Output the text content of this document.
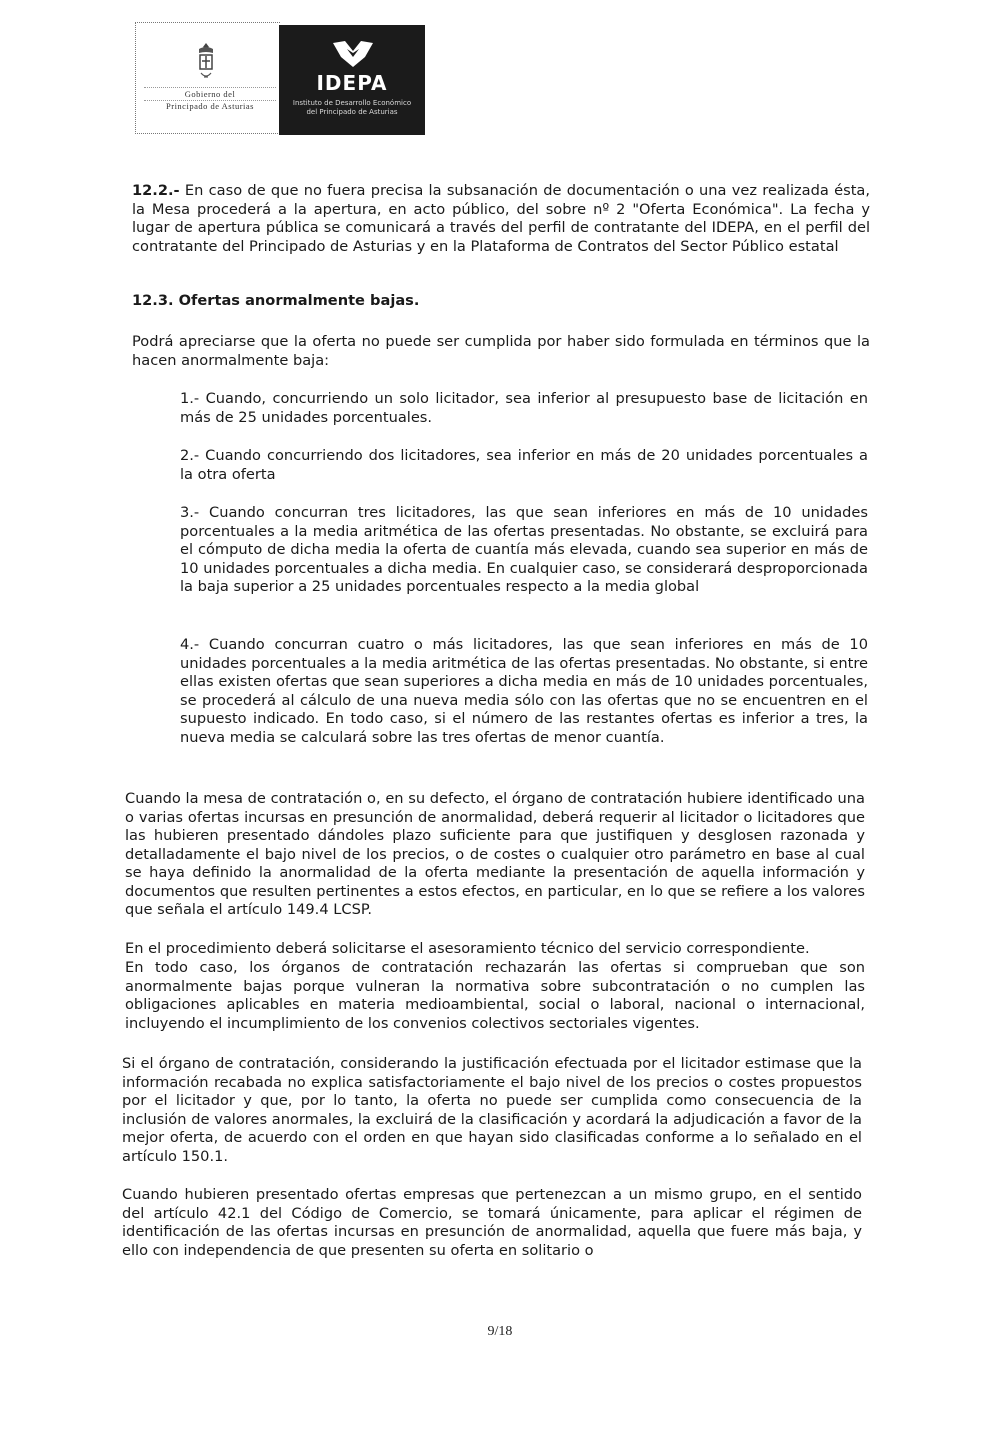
Gobierno del
Principado de Asturias
IDEPA
Instituto de Desarrollo Económico
del Principado de Asturias

12.2.- En caso de que no fuera precisa la subsanación de documentación o una vez realizada ésta, la Mesa procederá a la apertura, en acto público, del sobre nº 2 "Oferta Económica". La fecha y lugar de apertura pública se comunicará a través del perfil de contratante del IDEPA, en el perfil del contratante del Principado de Asturias y en la Plataforma de Contratos del Sector Público estatal

12.3. Ofertas anormalmente bajas.

Podrá apreciarse que la oferta no puede ser cumplida por haber sido formulada en términos que la hacen anormalmente baja:

1.- Cuando, concurriendo un solo licitador, sea inferior al presupuesto base de licitación en más de 25 unidades porcentuales.

2.- Cuando concurriendo dos licitadores, sea inferior en más de 20 unidades porcentuales a la otra oferta

3.- Cuando concurran tres licitadores, las que sean inferiores en más de 10 unidades porcentuales a la media aritmética de las ofertas presentadas. No obstante, se excluirá para el cómputo de dicha media la oferta de cuantía más elevada, cuando sea superior en más de 10 unidades porcentuales a dicha media. En cualquier caso, se considerará desproporcionada la baja superior a 25 unidades porcentuales respecto a la media global

4.- Cuando concurran cuatro o más licitadores, las que sean inferiores en más de 10 unidades porcentuales a la media aritmética de las ofertas presentadas. No obstante, si entre ellas existen ofertas que sean superiores a dicha media en más de 10 unidades porcentuales, se procederá al cálculo de una nueva media sólo con las ofertas que no se encuentren en el supuesto indicado. En todo caso, si el número de las restantes ofertas es inferior a tres, la nueva media se calculará sobre las tres ofertas de menor cuantía.

Cuando la mesa de contratación o, en su defecto, el órgano de contratación hubiere identificado una o varias ofertas incursas en presunción de anormalidad, deberá requerir al licitador o licitadores que las hubieren presentado dándoles plazo suficiente para que justifiquen y desglosen razonada y detalladamente el bajo nivel de los precios, o de costes o cualquier otro parámetro en base al cual se haya definido la anormalidad de la oferta mediante la presentación de aquella información y documentos que resulten pertinentes a estos efectos, en particular, en lo que se refiere a los valores que señala el artículo 149.4 LCSP.

En el procedimiento deberá solicitarse el asesoramiento técnico del servicio correspondiente.

En todo caso, los órganos de contratación rechazarán las ofertas si comprueban que son anormalmente bajas porque vulneran la normativa sobre subcontratación o no cumplen las obligaciones aplicables en materia medioambiental, social o laboral, nacional o internacional, incluyendo el incumplimiento de los convenios colectivos sectoriales vigentes.

Si el órgano de contratación, considerando la justificación efectuada por el licitador estimase que la información recabada no explica satisfactoriamente el bajo nivel de los precios o costes propuestos por el licitador y que, por lo tanto, la oferta no puede ser cumplida como consecuencia de la inclusión de valores anormales, la excluirá de la clasificación y acordará la adjudicación a favor de la mejor oferta, de acuerdo con el orden en que hayan sido clasificadas conforme a lo señalado en el artículo 150.1.

Cuando hubieren presentado ofertas empresas que pertenezcan a un mismo grupo, en el sentido del artículo 42.1 del Código de Comercio, se tomará únicamente, para aplicar el régimen de identificación de las ofertas incursas en presunción de anormalidad, aquella que fuere más baja, y ello con independencia de que presenten su oferta en solitario o

9/18
